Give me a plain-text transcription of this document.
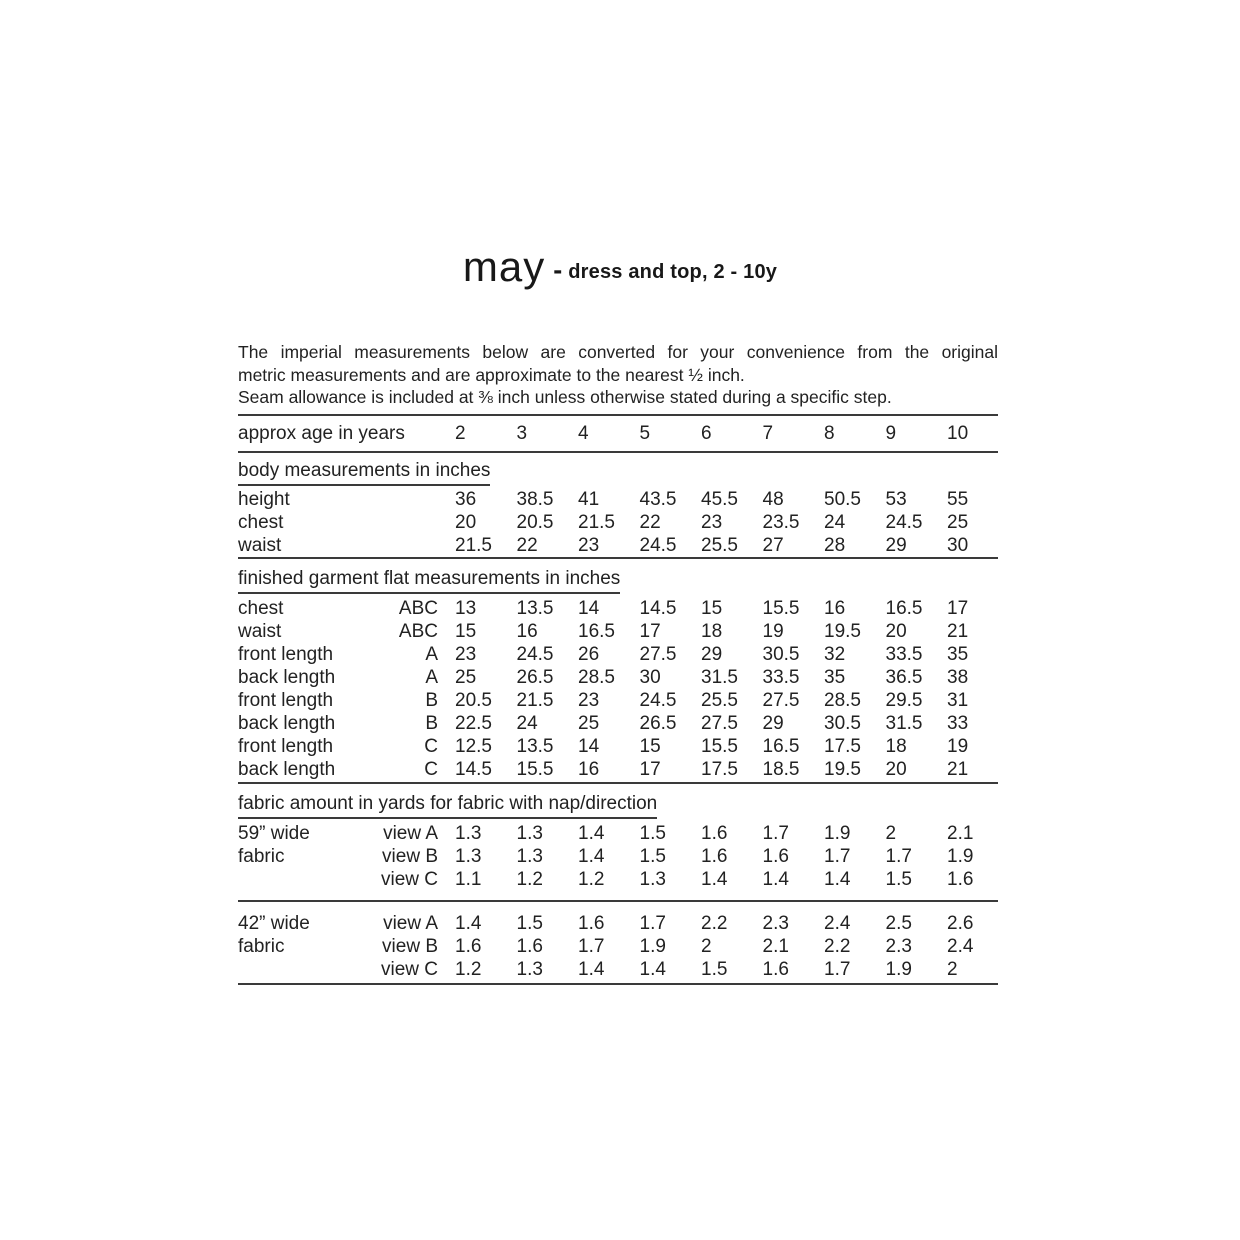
may - dress and top, 2 - 10y

The imperial measurements below are converted for your convenience from the original

metric measurements and are approximate to the nearest ½ inch.

Seam allowance is included at ⅜ inch unless otherwise stated during a specific step.

approx age in years	2	3	4	5	6	7	8	9	10
body measurements in inches
height	36	38.5	41	43.5	45.5	48	50.5	53	55
chest	20	20.5	21.5	22	23	23.5	24	24.5	25
waist	21.5	22	23	24.5	25.5	27	28	29	30
finished garment flat measurements in inches
chest	ABC 13	13.5	14	14.5	15	15.5	16	16.5	17
waist	ABC 15	16	16.5	17	18	19	19.5	20	21
front length	A 23	24.5	26	27.5	29	30.5	32	33.5	35
back length	A 25	26.5	28.5	30	31.5	33.5	35	36.5	38
front length	B 20.5	21.5	23	24.5	25.5	27.5	28.5	29.5	31
back length	B 22.5	24	25	26.5	27.5	29	30.5	31.5	33
front length	C 12.5	13.5	14	15	15.5	16.5	17.5	18	19
back length	C 14.5	15.5	16	17	17.5	18.5	19.5	20	21
fabric amount in yards for fabric with nap/direction
59” wide	view A 1.3	1.3	1.4	1.5	1.6	1.7	1.9	2	2.1
fabric	view B 1.3	1.3	1.4	1.5	1.6	1.6	1.7	1.7	1.9
view C 1.1	1.2	1.2	1.3	1.4	1.4	1.4	1.5	1.6
42” wide	view A 1.4	1.5	1.6	1.7	2.2	2.3	2.4	2.5	2.6
fabric	view B 1.6	1.6	1.7	1.9	2	2.1	2.2	2.3	2.4
view C 1.2	1.3	1.4	1.4	1.5	1.6	1.7	1.9	2
